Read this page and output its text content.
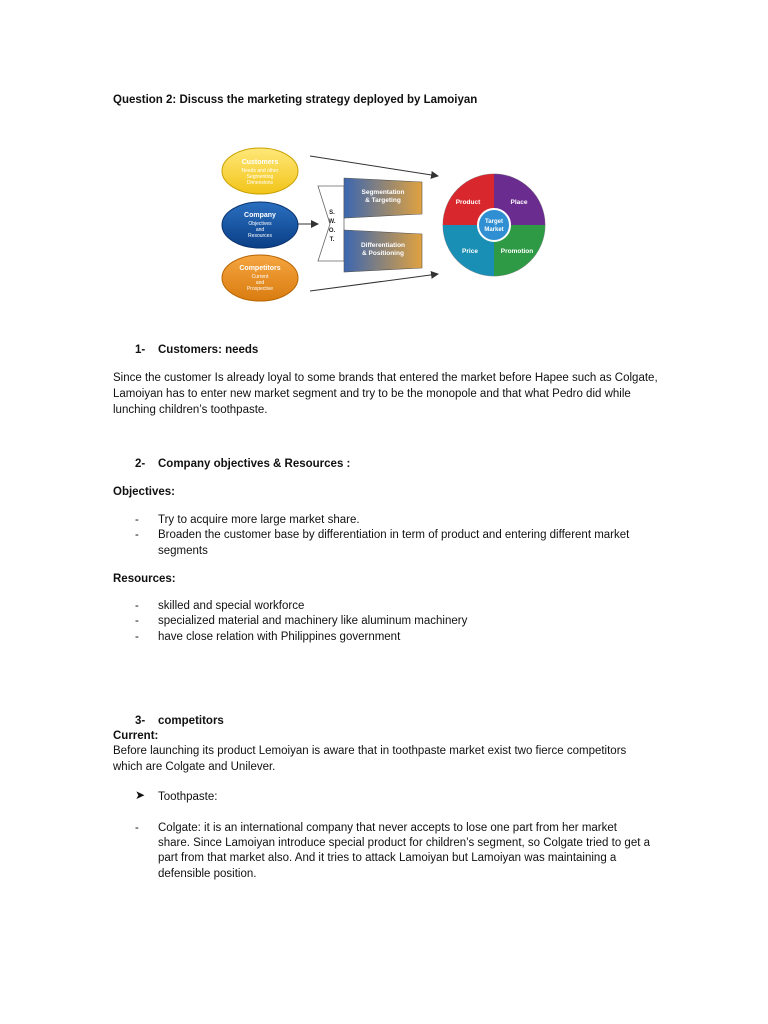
Question 2: Discuss the marketing strategy deployed by Lamoiyan
Customers
Needs and other
Segmenting
Dimensions
Company
Objectives
and
Resources
Competitors
Current
and
Prospective
S.
W.
O.
T.
Segmentation
& Targeting
Differentiation
& Positioning
Product	Place
Price	Promotion
Target
Market
1- Customers: needs
Since the customer Is already loyal to some brands that entered the market before Hapee such as Colgate,
Lamoiyan has to enter new market segment and try to be the monopole and that what Pedro did while
lunching children’s toothpaste.
2- Company objectives & Resources :
Objectives:
- Try to acquire more large market share.
- Broaden the customer base by differentiation in term of product and entering different market
segments
Resources:
- skilled and special workforce
- specialized material and machinery like aluminum machinery
- have close relation with Philippines government
3- competitors
Current:
Before launching its product Lemoiyan is aware that in toothpaste market exist two fierce competitors
which are Colgate and Unilever.
➤ Toothpaste:
- Colgate: it is an international company that never accepts to lose one part from her market
share. Since Lamoiyan introduce special product for children’s segment, so Colgate tried to get a
part from that market also. And it tries to attack Lamoiyan but Lamoiyan was maintaining a
defensible position.
